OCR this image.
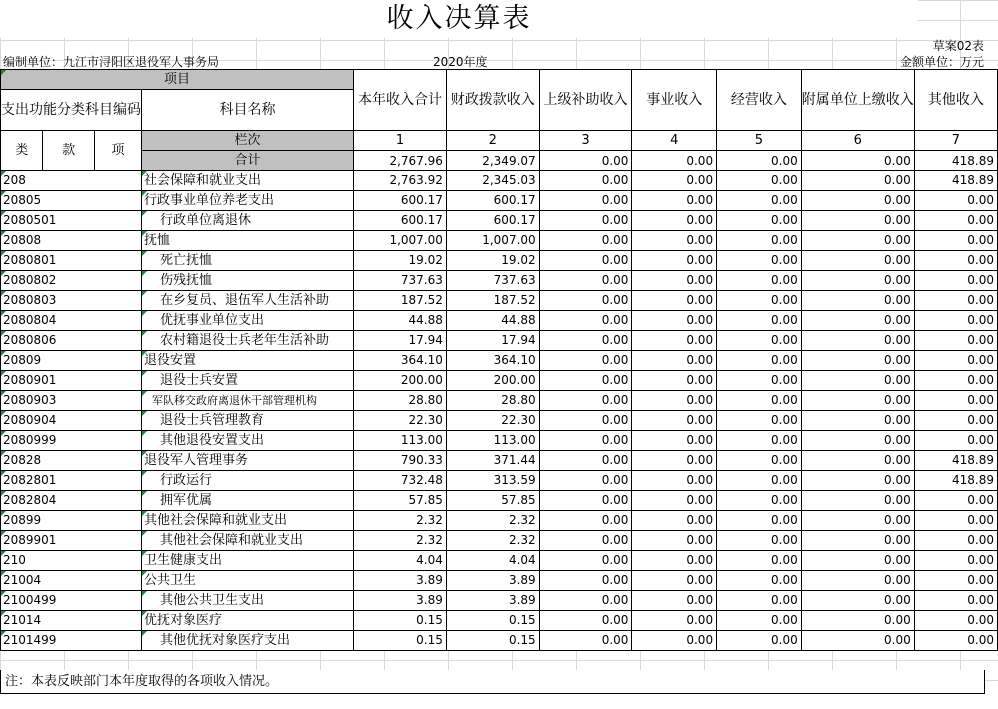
收入决算表
草案02表
编制单位：九江市浔阳区退役军人事务局	2020年度	金额单位：万元
项目				本年收入合计	财政拨款收入	上级补助收入	事业收入	经营收入	附属单位上缴收入	其他收入
支出功能分类科目编码			科目名称							

类	款	项	栏次	1	2	3	4	5	6	7
			合计	2,767.96	2,349.07	0.00	0.00	0.00	0.00	418.89
208			社会保障和就业支出	2,763.92	2,345.03	0.00	0.00	0.00	0.00	418.89
20805			行政事业单位养老支出	600.17	600.17	0.00	0.00	0.00	0.00	0.00
2080501			行政单位离退休	600.17	600.17	0.00	0.00	0.00	0.00	0.00
20808			抚恤	1,007.00	1,007.00	0.00	0.00	0.00	0.00	0.00
2080801			死亡抚恤	19.02	19.02	0.00	0.00	0.00	0.00	0.00
2080802			伤残抚恤	737.63	737.63	0.00	0.00	0.00	0.00	0.00
2080803			在乡复员、退伍军人生活补助	187.52	187.52	0.00	0.00	0.00	0.00	0.00
2080804			优抚事业单位支出	44.88	44.88	0.00	0.00	0.00	0.00	0.00
2080806			农村籍退役士兵老年生活补助	17.94	17.94	0.00	0.00	0.00	0.00	0.00
20809			退役安置	364.10	364.10	0.00	0.00	0.00	0.00	0.00
2080901			退役士兵安置	200.00	200.00	0.00	0.00	0.00	0.00	0.00
2080903			军队移交政府离退休干部管理机构	28.80	28.80	0.00	0.00	0.00	0.00	0.00
2080904			退役士兵管理教育	22.30	22.30	0.00	0.00	0.00	0.00	0.00
2080999			其他退役安置支出	113.00	113.00	0.00	0.00	0.00	0.00	0.00
20828			退役军人管理事务	790.33	371.44	0.00	0.00	0.00	0.00	418.89
2082801			行政运行	732.48	313.59	0.00	0.00	0.00	0.00	418.89
2082804			拥军优属	57.85	57.85	0.00	0.00	0.00	0.00	0.00
20899			其他社会保障和就业支出	2.32	2.32	0.00	0.00	0.00	0.00	0.00
2089901			其他社会保障和就业支出	2.32	2.32	0.00	0.00	0.00	0.00	0.00
210			卫生健康支出	4.04	4.04	0.00	0.00	0.00	0.00	0.00
21004			公共卫生	3.89	3.89	0.00	0.00	0.00	0.00	0.00
2100499			其他公共卫生支出	3.89	3.89	0.00	0.00	0.00	0.00	0.00
21014			优抚对象医疗	0.15	0.15	0.00	0.00	0.00	0.00	0.00
2101499			其他优抚对象医疗支出	0.15	0.15	0.00	0.00	0.00	0.00	0.00
注：本表反映部门本年度取得的各项收入情况。
